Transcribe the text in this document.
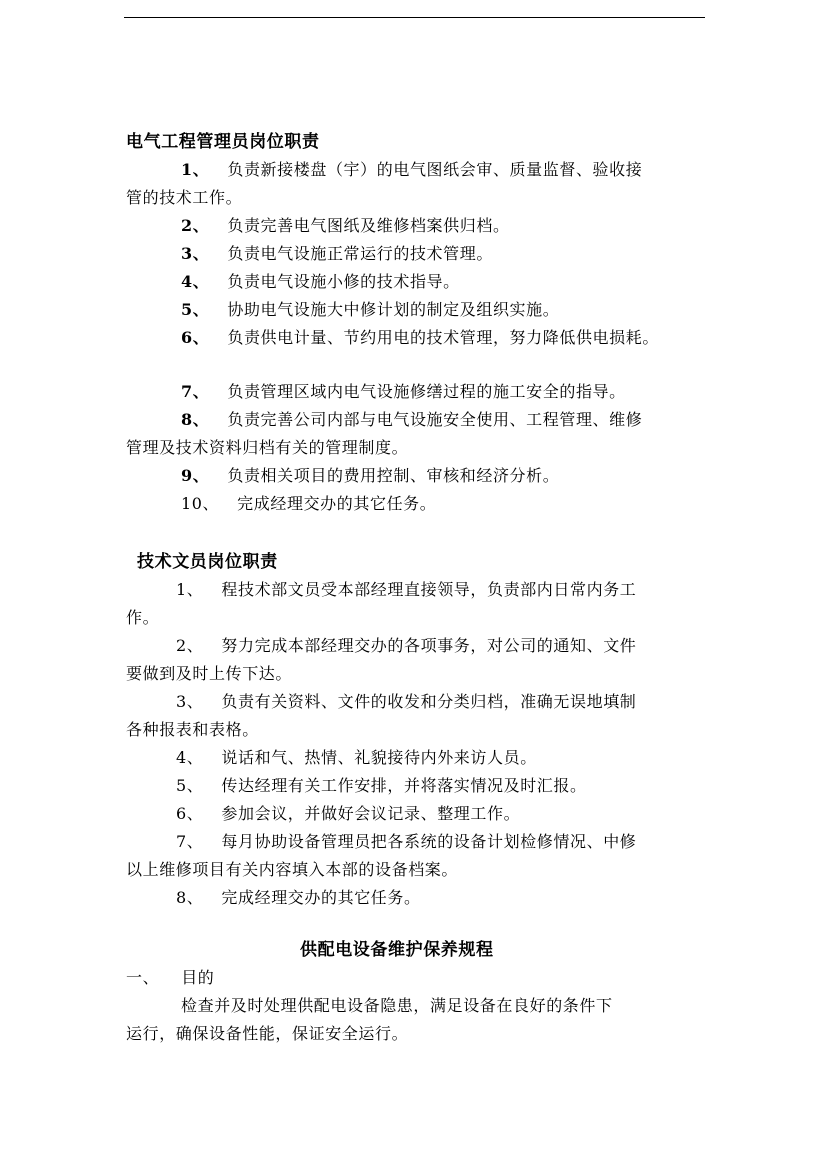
电气工程管理员岗位职责
1、 负责新接楼盘（宇）的电气图纸会审、质量监督、验收接
管的技术工作。
2、 负责完善电气图纸及维修档案供归档。
3、 负责电气设施正常运行的技术管理。
4、 负责电气设施小修的技术指导。
5、 协助电气设施大中修计划的制定及组织实施。
6、 负责供电计量、节约用电的技术管理，努力降低供电损耗。
7、 负责管理区域内电气设施修缮过程的施工安全的指导。
8、 负责完善公司内部与电气设施安全使用、工程管理、维修
管理及技术资料归档有关的管理制度。
9、 负责相关项目的费用控制、审核和经济分析。
10、 完成经理交办的其它任务。
技术文员岗位职责
1、 程技术部文员受本部经理直接领导，负责部内日常内务工
作。
2、 努力完成本部经理交办的各项事务，对公司的通知、文件
要做到及时上传下达。
3、 负责有关资料、文件的收发和分类归档，准确无误地填制
各种报表和表格。
4、 说话和气、热情、礼貌接待内外来访人员。
5、 传达经理有关工作安排，并将落实情况及时汇报。
6、 参加会议，并做好会议记录、整理工作。
7、 每月协助设备管理员把各系统的设备计划检修情况、中修
以上维修项目有关内容填入本部的设备档案。
8、 完成经理交办的其它任务。
供配电设备维护保养规程
一、 目的
检查并及时处理供配电设备隐患，满足设备在良好的条件下
运行，确保设备性能，保证安全运行。
